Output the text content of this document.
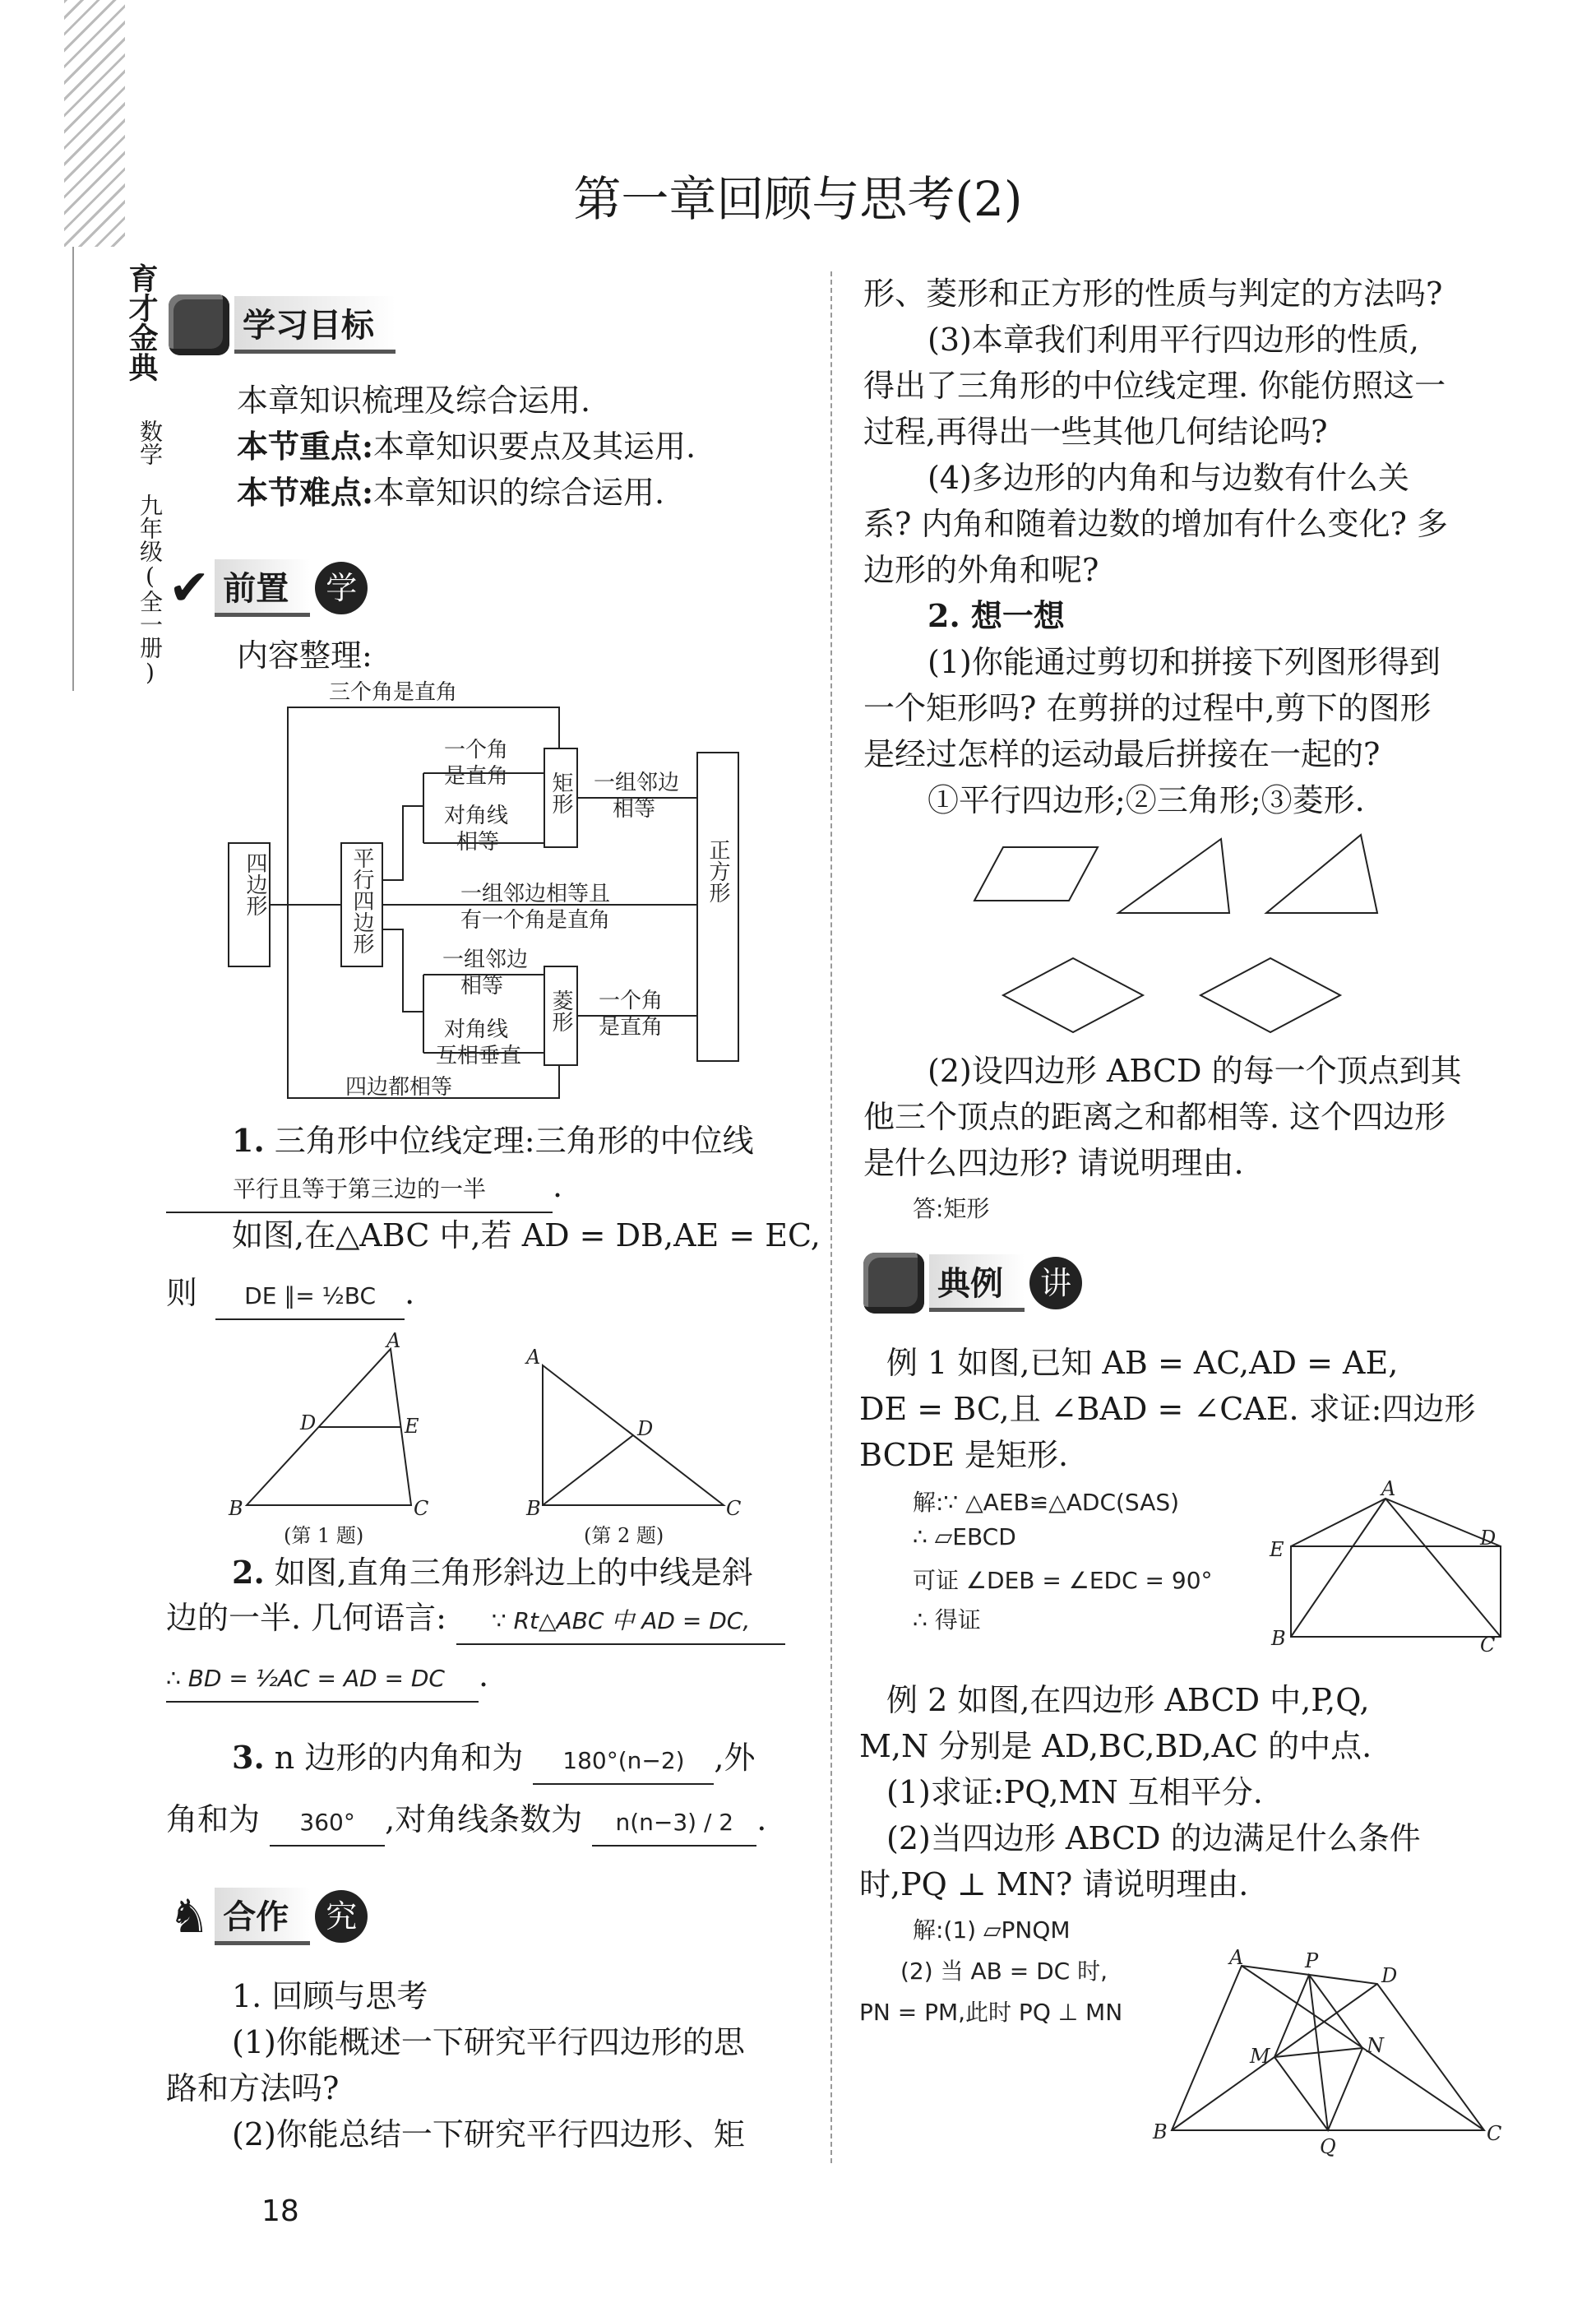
育才金典
数学
九年级(全一册)
第一章回顾与思考(2)
学习目标
本章知识梳理及综合运用.
本节重点:本章知识要点及其运用.
本节难点:本章知识的综合运用.
✔ 前置	学
内容整理:
三个角是直角
四边形	平行四边形
矩形
菱形
正方形
一个角
是直角
对角线
相等
一组邻边相等且
有一个角是直角
一组邻边
相等
对角线
互相垂直
一组邻边
相等
一个角
是直角
四边都相等
1. 三角形中位线定理:三角形的中位线
平行且等于第三边的一半 .
如图,在△ABC 中,若 AD = DB,AE = EC,
则 DE ∥= ½BC .
A
D	E
B	C
A
D
B	C
(第 1 题)	(第 2 题)
2. 如图,直角三角形斜边上的中线是斜
边的一半. 几何语言: ∵ Rt△ABC 中 AD = DC,
∴ BD = ½AC = AD = DC .
3. n 边形的内角和为 180°(n−2) ,外
角和为 360° ,对角线条数为 n(n−3) / 2 .
♞ 合作	究
1. 回顾与思考
(1)你能概述一下研究平行四边形的思
路和方法吗?
(2)你能总结一下研究平行四边形、矩
18
形、菱形和正方形的性质与判定的方法吗?
(3)本章我们利用平行四边形的性质,
得出了三角形的中位线定理. 你能仿照这一
过程,再得出一些其他几何结论吗?
(4)多边形的内角和与边数有什么关
系? 内角和随着边数的增加有什么变化? 多
边形的外角和呢?
2. 想一想
(1)你能通过剪切和拼接下列图形得到
一个矩形吗? 在剪拼的过程中,剪下的图形
是经过怎样的运动最后拼接在一起的?
①平行四边形;②三角形;③菱形.
(2)设四边形 ABCD 的每一个顶点到其
他三个顶点的距离之和都相等. 这个四边形
是什么四边形? 请说明理由.
答:矩形
典例	讲
例 1 如图,已知 AB = AC,AD = AE,
DE = BC,且 ∠BAD = ∠CAE. 求证:四边形
BCDE 是矩形.
解:∵ △AEB≌△ADC(SAS)
∴ ▱EBCD
可证 ∠DEB = ∠EDC = 90°
∴ 得证
A
E	D
B	C
例 2 如图,在四边形 ABCD 中,P,Q,
M,N 分别是 AD,BC,BD,AC 的中点.
(1)求证:PQ,MN 互相平分.
(2)当四边形 ABCD 的边满足什么条件
时,PQ ⊥ MN? 请说明理由.
解:(1) ▱PNQM
(2) 当 AB = DC 时,
PN = PM,此时 PQ ⊥ MN
A	P
D
M	N
B
Q
C
